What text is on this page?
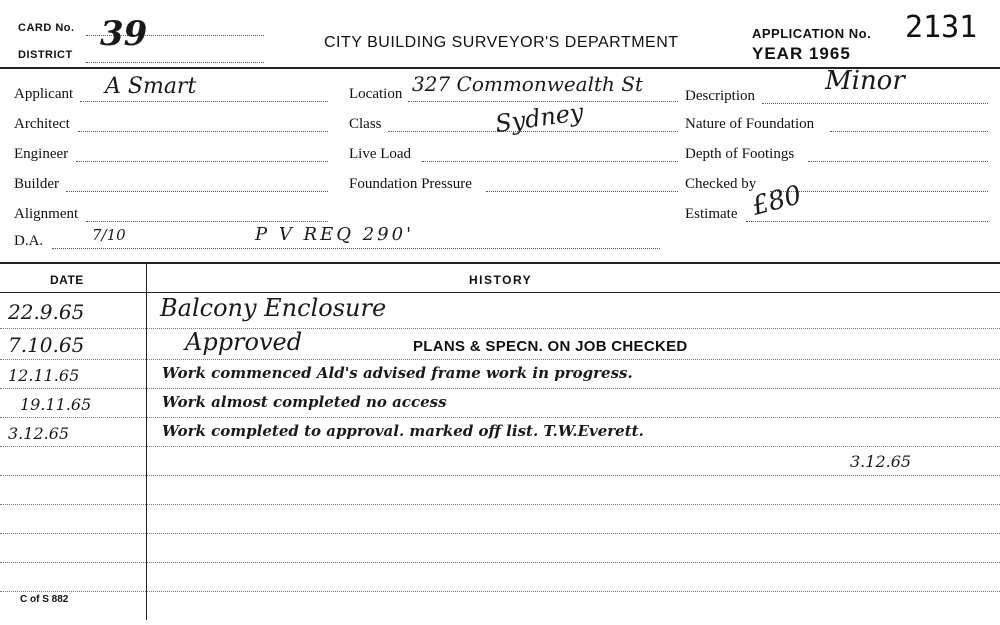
CARD No.
DISTRICT
39	CITY BUILDING SURVEYOR'S DEPARTMENT
APPLICATION No. 2131
YEAR 1965
Applicant A Smart
Architect
Engineer
Builder
Alignment
D.A.	7/10	P V REQ 290'
Location 327 Commonwealth St
Class	Sydney
Live Load
Foundation Pressure
Description	Minor
Nature of Foundation
Depth of Footings
Checked by
Estimate £80
DATE	HISTORY
22.9.65	Balcony Enclosure
7.10.65	Approved	PLANS & SPECN. ON JOB CHECKED
12.11.65	Work commenced Ald's advised frame work in progress.
19.11.65	Work almost completed no access
3.12.65	Work completed to approval. marked off list. T.W.Everett.
3.12.65
C of S 882
